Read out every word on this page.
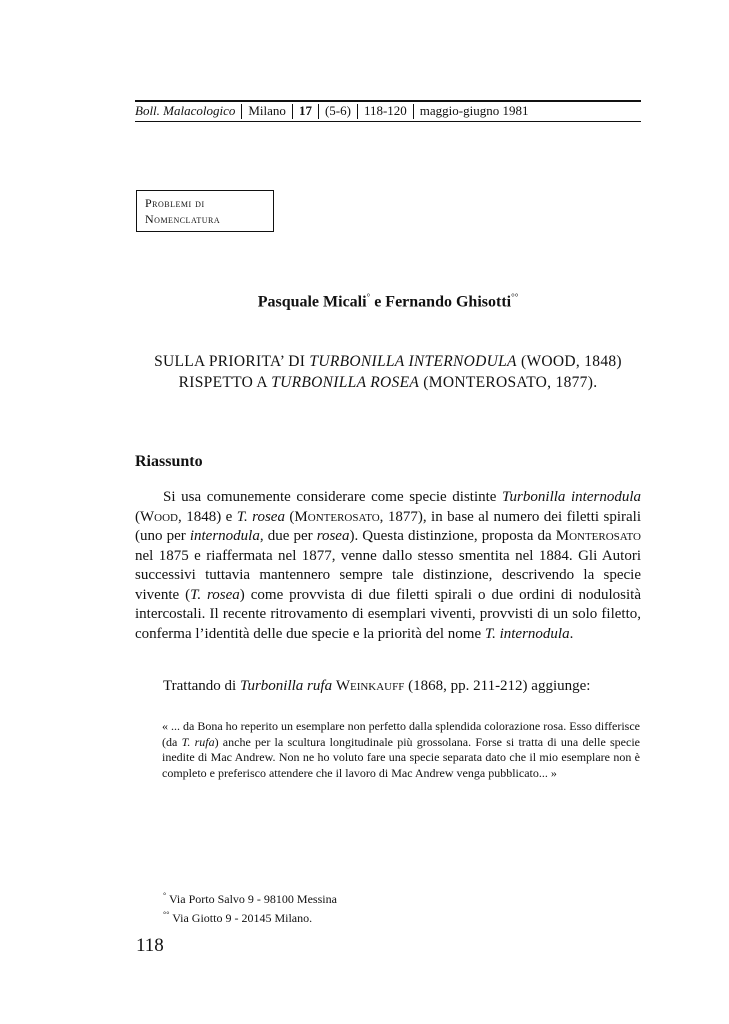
Boll. Malacologico	Milano	17	(5-6)	118-120	maggio-giugno 1981
Problemi di
Nomenclatura
Pasquale Micali° e Fernando Ghisotti°°
SULLA PRIORITA’ DI TURBONILLA INTERNODULA (WOOD, 1848)
RISPETTO A TURBONILLA ROSEA (MONTEROSATO, 1877).
Riassunto
Si usa comunemente considerare come specie distinte Turbonilla internodula (Wood, 1848) e T. rosea (Monterosato, 1877), in base al numero dei filetti spirali (uno per internodula, due per rosea). Questa distinzione, proposta da Monterosato nel 1875 e riaffermata nel 1877, venne dallo stesso smentita nel 1884. Gli Autori successivi tuttavia mantennero sempre tale distinzione, descrivendo la specie vivente (T. rosea) come provvista di due filetti spirali o due ordini di nodulosità intercostali. Il recente ritrovamento di esemplari viventi, provvisti di un solo filetto, conferma l’identità delle due specie e la priorità del nome T. internodula.
Trattando di Turbonilla rufa Weinkauff (1868, pp. 211-212) aggiunge:
« ... da Bona ho reperito un esemplare non perfetto dalla splendida colorazione rosa. Esso differisce (da T. rufa) anche per la scultura longitudinale più grossolana. Forse si tratta di una delle specie inedite di Mac Andrew. Non ne ho voluto fare una specie separata dato che il mio esemplare non è completo e preferisco attendere che il lavoro di Mac Andrew venga pubblicato... »
° Via Porto Salvo 9 - 98100 Messina
°° Via Giotto 9 - 20145 Milano.
118
